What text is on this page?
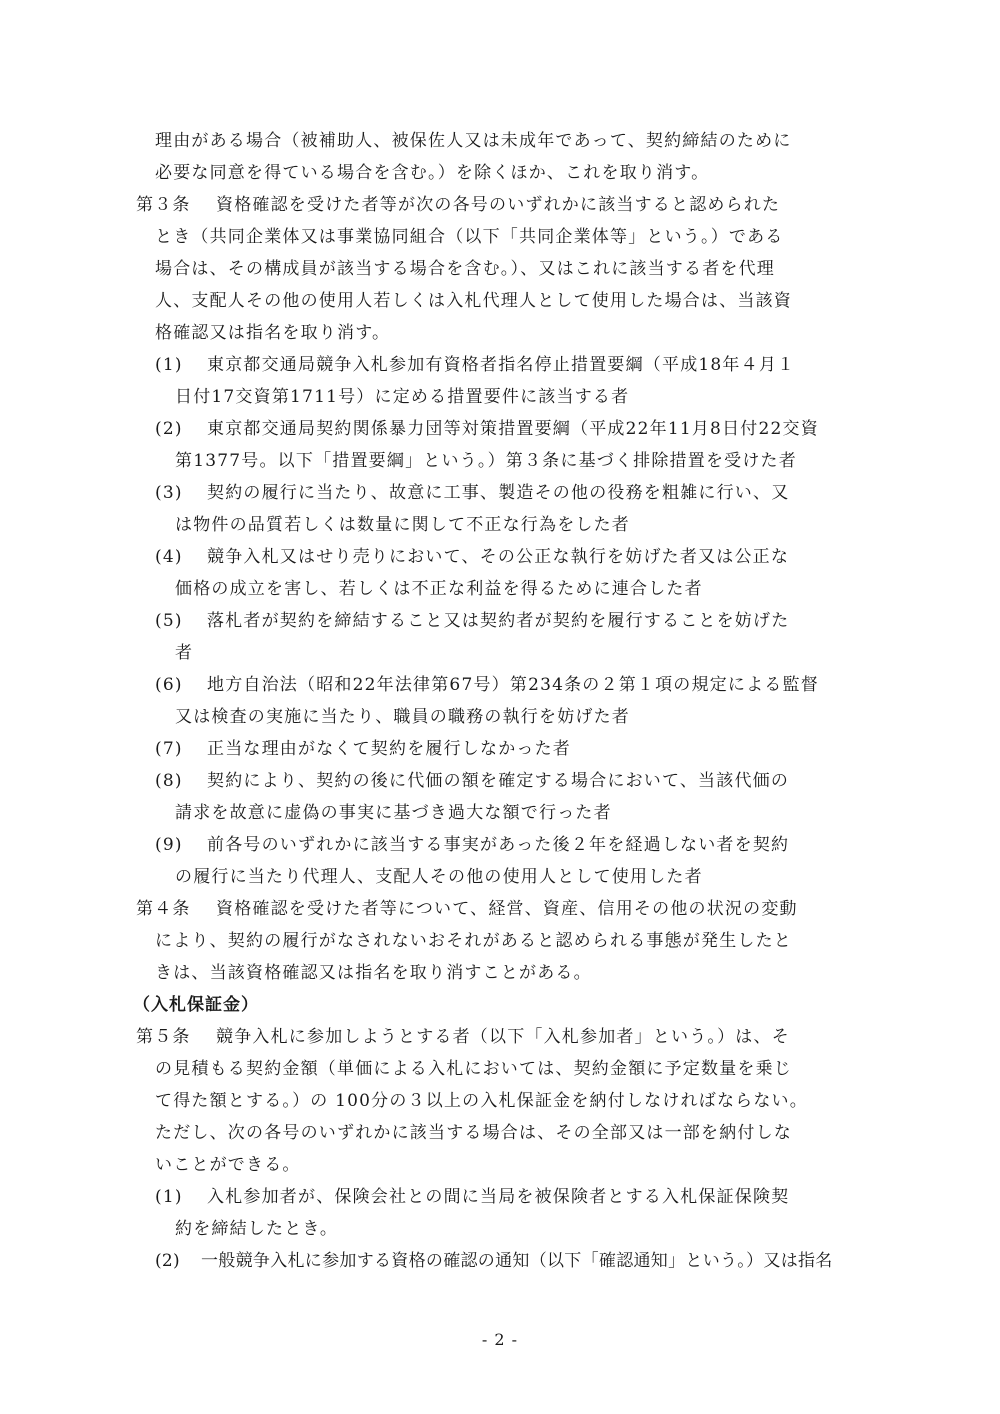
理由がある場合（被補助人、被保佐人又は未成年であって、契約締結のために
必要な同意を得ている場合を含む。）を除くほか、これを取り消す。
第３条 資格確認を受けた者等が次の各号のいずれかに該当すると認められた
とき（共同企業体又は事業協同組合（以下「共同企業体等」という。）である
場合は、その構成員が該当する場合を含む。）、又はこれに該当する者を代理
人、支配人その他の使用人若しくは入札代理人として使用した場合は、当該資
格確認又は指名を取り消す。
(1) 東京都交通局競争入札参加有資格者指名停止措置要綱（平成18年４月１
日付17交資第1711号）に定める措置要件に該当する者
(2) 東京都交通局契約関係暴力団等対策措置要綱（平成22年11月8日付22交資
第1377号。以下「措置要綱」という。）第３条に基づく排除措置を受けた者
(3) 契約の履行に当たり、故意に工事、製造その他の役務を粗雑に行い、又
は物件の品質若しくは数量に関して不正な行為をした者
(4) 競争入札又はせり売りにおいて、その公正な執行を妨げた者又は公正な
価格の成立を害し、若しくは不正な利益を得るために連合した者
(5) 落札者が契約を締結すること又は契約者が契約を履行することを妨げた
者
(6) 地方自治法（昭和22年法律第67号）第234条の２第１項の規定による監督
又は検査の実施に当たり、職員の職務の執行を妨げた者
(7) 正当な理由がなくて契約を履行しなかった者
(8) 契約により、契約の後に代価の額を確定する場合において、当該代価の
請求を故意に虚偽の事実に基づき過大な額で行った者
(9) 前各号のいずれかに該当する事実があった後２年を経過しない者を契約
の履行に当たり代理人、支配人その他の使用人として使用した者
第４条 資格確認を受けた者等について、経営、資産、信用その他の状況の変動
により、契約の履行がなされないおそれがあると認められる事態が発生したと
きは、当該資格確認又は指名を取り消すことがある。
（入札保証金）
第５条 競争入札に参加しようとする者（以下「入札参加者」という。）は、そ
の見積もる契約金額（単価による入札においては、契約金額に予定数量を乗じ
て得た額とする。）の 100分の３以上の入札保証金を納付しなければならない。
ただし、次の各号のいずれかに該当する場合は、その全部又は一部を納付しな
いことができる。
(1) 入札参加者が、保険会社との間に当局を被保険者とする入札保証保険契
約を締結したとき。
(2) 一般競争入札に参加する資格の確認の通知（以下「確認通知」という。）又は指名
- 2 -
